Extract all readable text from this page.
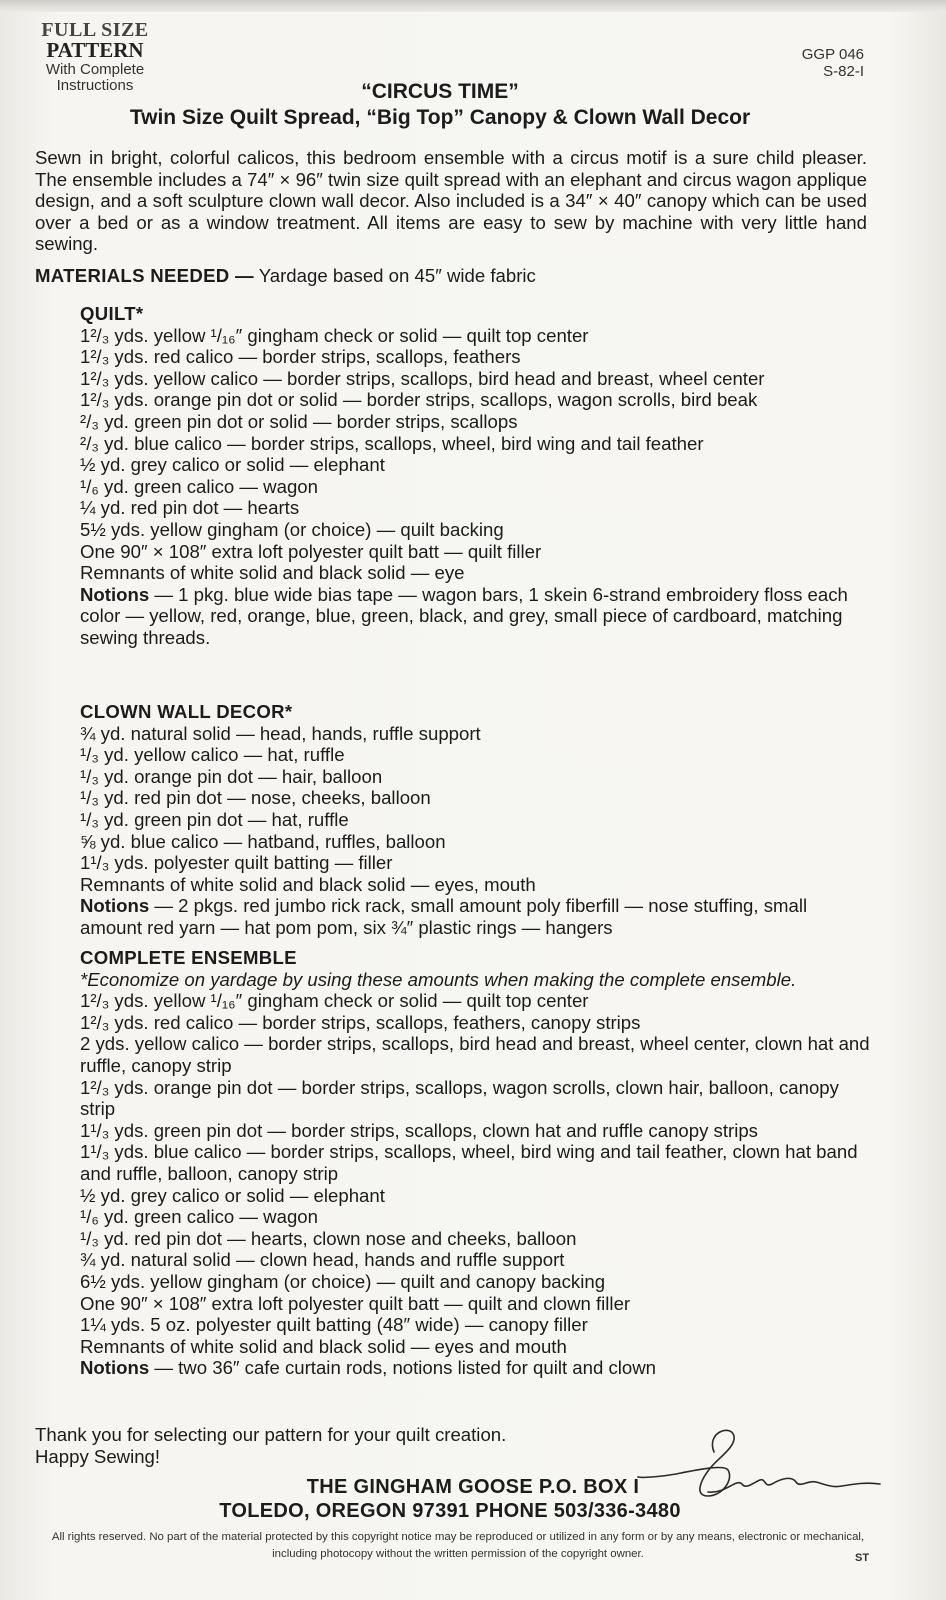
FULL SIZE
PATTERN
With Complete
Instructions
GGP 046
S-82-I
“CIRCUS TIME”
Twin Size Quilt Spread, “Big Top” Canopy & Clown Wall Decor
Sewn in bright, colorful calicos, this bedroom ensemble with a circus motif is a sure child pleaser. The ensemble includes a 74″ × 96″ twin size quilt spread with an elephant and circus wagon applique design, and a soft sculpture clown wall decor. Also included is a 34″ × 40″ canopy which can be used over a bed or as a window treatment. All items are easy to sew by machine with very little hand sewing.
MATERIALS NEEDED — Yardage based on 45″ wide fabric
QUILT*
1²/₃ yds. yellow ¹/₁₆″ gingham check or solid — quilt top center
1²/₃ yds. red calico — border strips, scallops, feathers
1²/₃ yds. yellow calico — border strips, scallops, bird head and breast, wheel center
1²/₃ yds. orange pin dot or solid — border strips, scallops, wagon scrolls, bird beak
²/₃ yd. green pin dot or solid — border strips, scallops
²/₃ yd. blue calico — border strips, scallops, wheel, bird wing and tail feather
½ yd. grey calico or solid — elephant
¹/₆ yd. green calico — wagon
¼ yd. red pin dot — hearts
5½ yds. yellow gingham (or choice) — quilt backing
One 90″ × 108″ extra loft polyester quilt batt — quilt filler
Remnants of white solid and black solid — eye
Notions — 1 pkg. blue wide bias tape — wagon bars, 1 skein 6-strand embroidery floss each color — yellow, red, orange, blue, green, black, and grey, small piece of cardboard, matching sewing threads.
CLOWN WALL DECOR*
¾ yd. natural solid — head, hands, ruffle support
¹/₃ yd. yellow calico — hat, ruffle
¹/₃ yd. orange pin dot — hair, balloon
¹/₃ yd. red pin dot — nose, cheeks, balloon
¹/₃ yd. green pin dot — hat, ruffle
⅝ yd. blue calico — hatband, ruffles, balloon
1¹/₃ yds. polyester quilt batting — filler
Remnants of white solid and black solid — eyes, mouth
Notions — 2 pkgs. red jumbo rick rack, small amount poly fiberfill — nose stuffing, small amount red yarn — hat pom pom, six ¾″ plastic rings — hangers
COMPLETE ENSEMBLE
*Economize on yardage by using these amounts when making the complete ensemble.
1²/₃ yds. yellow ¹/₁₆″ gingham check or solid — quilt top center
1²/₃ yds. red calico — border strips, scallops, feathers, canopy strips
2 yds. yellow calico — border strips, scallops, bird head and breast, wheel center, clown hat and ruffle, canopy strip
1²/₃ yds. orange pin dot — border strips, scallops, wagon scrolls, clown hair, balloon, canopy strip
1¹/₃ yds. green pin dot — border strips, scallops, clown hat and ruffle canopy strips
1¹/₃ yds. blue calico — border strips, scallops, wheel, bird wing and tail feather, clown hat band and ruffle, balloon, canopy strip
½ yd. grey calico or solid — elephant
¹/₆ yd. green calico — wagon
¹/₃ yd. red pin dot — hearts, clown nose and cheeks, balloon
¾ yd. natural solid — clown head, hands and ruffle support
6½ yds. yellow gingham (or choice) — quilt and canopy backing
One 90″ × 108″ extra loft polyester quilt batt — quilt and clown filler
1¼ yds. 5 oz. polyester quilt batting (48″ wide) — canopy filler
Remnants of white solid and black solid — eyes and mouth
Notions — two 36″ cafe curtain rods, notions listed for quilt and clown
Thank you for selecting our pattern for your quilt creation.
Happy Sewing!
THE GINGHAM GOOSE P.O. BOX I
TOLEDO, OREGON 97391 PHONE 503/336-3480
All rights reserved. No part of the material protected by this copyright notice may be reproduced or utilized in any form or by any means, electronic or mechanical, including photocopy without the written permission of the copyright owner.	ST
